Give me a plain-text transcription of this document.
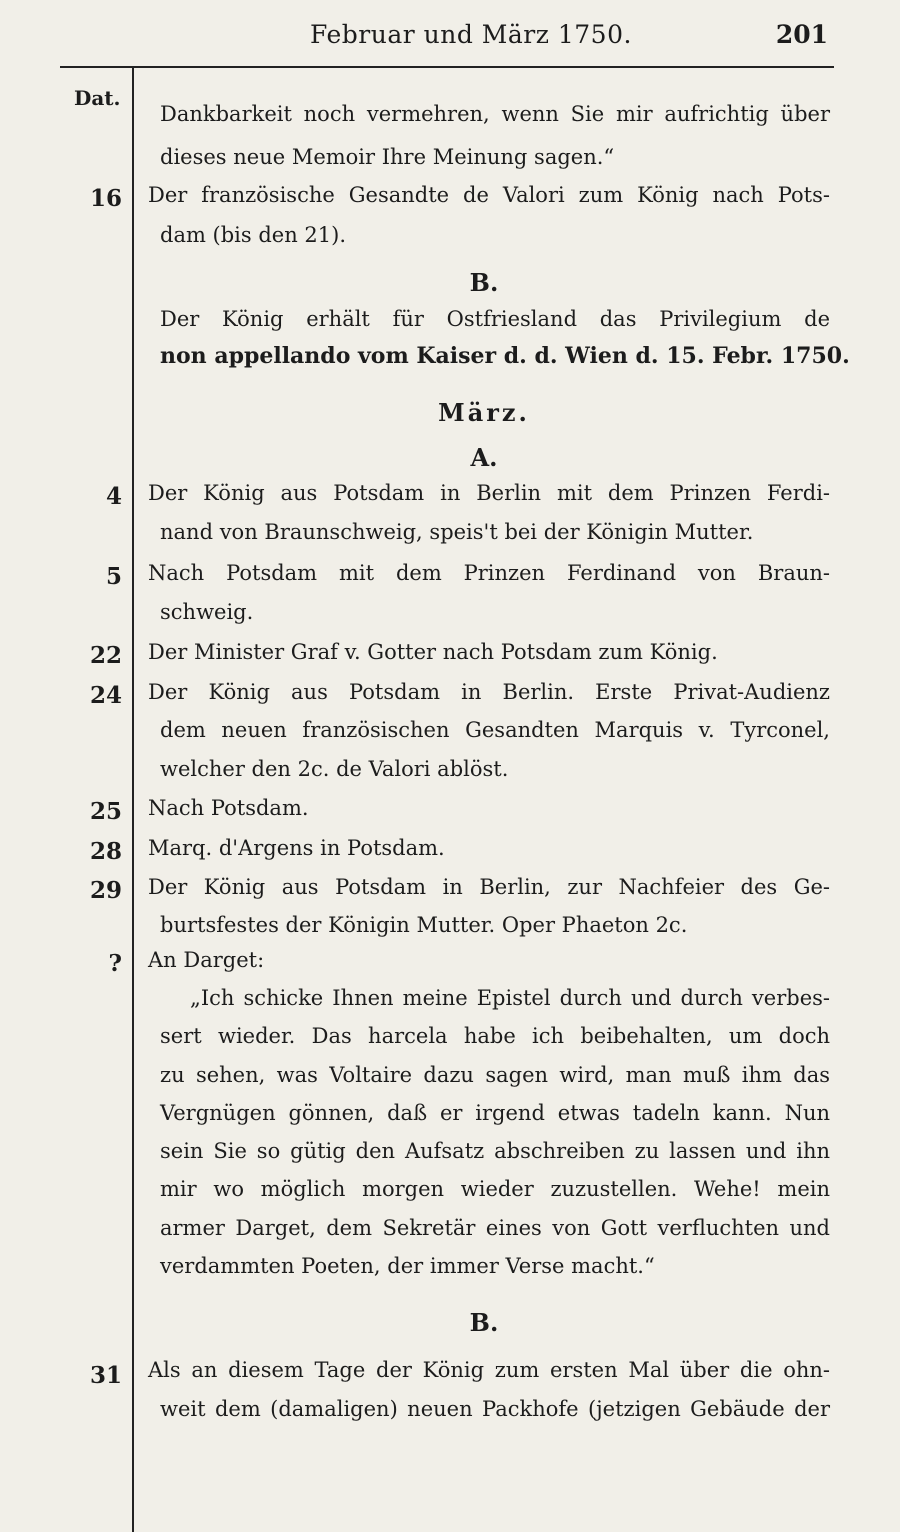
Februar und März 1750.	201
Dat.
Dankbarkeit noch vermehren, wenn Sie mir aufrichtig über
dieses neue Memoir Ihre Meinung sagen.“
16 Der französische Gesandte de Valori zum König nach Pots-
dam (bis den 21).
B.
Der König erhält für Ostfriesland das Privilegium de
non appellando vom Kaiser d. d. Wien d. 15. Febr. 1750.
März.
A.
4 Der König aus Potsdam in Berlin mit dem Prinzen Ferdi-
nand von Braunschweig, speis't bei der Königin Mutter.
5 Nach Potsdam mit dem Prinzen Ferdinand von Braun-
schweig.
22 Der Minister Graf v. Gotter nach Potsdam zum König.
24 Der König aus Potsdam in Berlin. Erste Privat-Audienz
dem neuen französischen Gesandten Marquis v. Tyrconel,
welcher den 2c. de Valori ablöst.
25 Nach Potsdam.
28 Marq. d'Argens in Potsdam.
29 Der König aus Potsdam in Berlin, zur Nachfeier des Ge-
burtsfestes der Königin Mutter. Oper Phaeton 2c.
? An Darget:
„Ich schicke Ihnen meine Epistel durch und durch verbes-
sert wieder. Das harcela habe ich beibehalten, um doch
zu sehen, was Voltaire dazu sagen wird, man muß ihm das
Vergnügen gönnen, daß er irgend etwas tadeln kann. Nun
sein Sie so gütig den Aufsatz abschreiben zu lassen und ihn
mir wo möglich morgen wieder zuzustellen. Wehe! mein
armer Darget, dem Sekretär eines von Gott verfluchten und
verdammten Poeten, der immer Verse macht.“
B.
31 Als an diesem Tage der König zum ersten Mal über die ohn-
weit dem (damaligen) neuen Packhofe (jetzigen Gebäude der
